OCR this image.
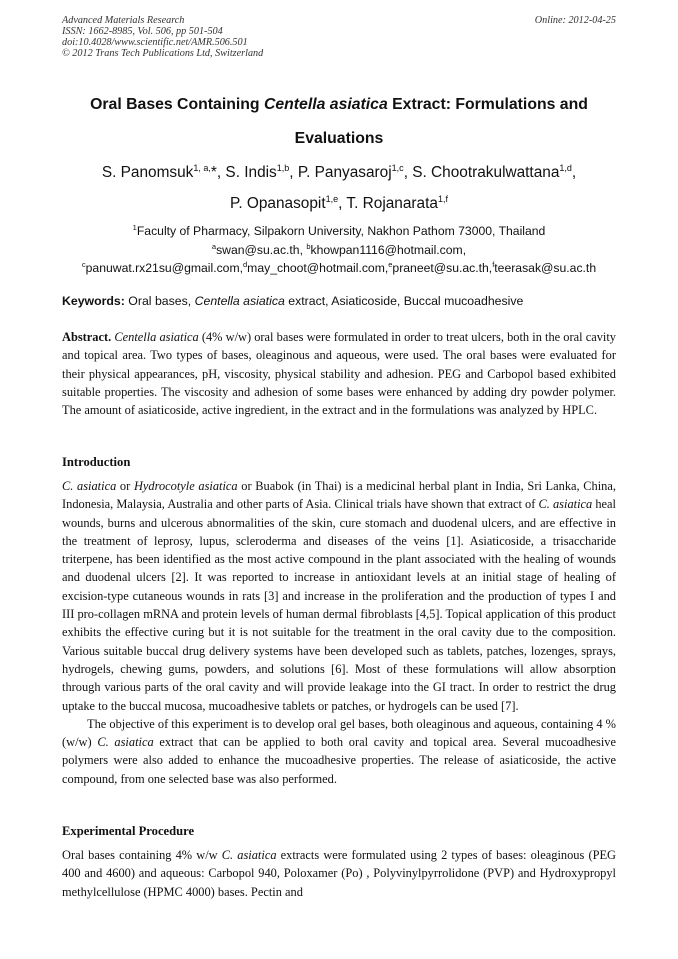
Advanced Materials Research
ISSN: 1662-8985, Vol. 506, pp 501-504
doi:10.4028/www.scientific.net/AMR.506.501
© 2012 Trans Tech Publications Ltd, Switzerland
Online: 2012-04-25
Oral Bases Containing Centella asiatica Extract: Formulations and
Evaluations
S. Panomsuk$^{1, a,}$*, S. Indis$^{1,b}$, P. Panyasaroj$^{1,c}$, S. Chootrakulwattana$^{1,d}$,
P. Opanasopit$^{1,e}$, T. Rojanarata$^{1,f}$
$^1$Faculty of Pharmacy, Silpakorn University, Nakhon Pathom 73000, Thailand
$^a$swan@su.ac.th, $^b$khowpan1116@hotmail.com,
$^c$panuwat.rx21su@gmail.com,$^d$may_choot@hotmail.com,$^e$praneet@su.ac.th,$^f$teerasak@su.ac.th
Keywords: Oral bases, Centella asiatica extract, Asiaticoside, Buccal mucoadhesive

Abstract. Centella asiatica (4% w/w) oral bases were formulated in order to treat ulcers, both in the oral cavity and topical area. Two types of bases, oleaginous and aqueous, were used. The oral bases were evaluated for their physical appearances, pH, viscosity, physical stability and adhesion. PEG and Carbopol based exhibited suitable properties. The viscosity and adhesion of some bases were enhanced by adding dry powder polymer. The amount of asiaticoside, active ingredient, in the extract and in the formulations was analyzed by HPLC.

Introduction

C. asiatica or Hydrocotyle asiatica or Buabok (in Thai) is a medicinal herbal plant in India, Sri Lanka, China, Indonesia, Malaysia, Australia and other parts of Asia. Clinical trials have shown that extract of C. asiatica heal wounds, burns and ulcerous abnormalities of the skin, cure stomach and duodenal ulcers, and are effective in the treatment of leprosy, lupus, scleroderma and diseases of the veins [1]. Asiaticoside, a trisaccharide triterpene, has been identified as the most active compound in the plant associated with the healing of wounds and duodenal ulcers [2]. It was reported to increase in antioxidant levels at an initial stage of healing of excision-type cutaneous wounds in rats [3] and increase in the proliferation and the production of types I and III pro-collagen mRNA and protein levels of human dermal fibroblasts [4,5]. Topical application of this product exhibits the effective curing but it is not suitable for the treatment in the oral cavity due to the composition. Various suitable buccal drug delivery systems have been developed such as tablets, patches, lozenges, sprays, hydrogels, chewing gums, powders, and solutions [6]. Most of these formulations will allow absorption through various parts of the oral cavity and will provide leakage into the GI tract. In order to restrict the drug uptake to the buccal mucosa, mucoadhesive tablets or patches, or hydrogels can be used [7].

The objective of this experiment is to develop oral gel bases, both oleaginous and aqueous, containing 4 % (w/w) C. asiatica extract that can be applied to both oral cavity and topical area. Several mucoadhesive polymers were also added to enhance the mucoadhesive properties. The release of asiaticoside, the active compound, from one selected base was also performed.

Experimental Procedure

Oral bases containing 4% w/w C. asiatica extracts were formulated using 2 types of bases: oleaginous (PEG 400 and 4600) and aqueous: Carbopol 940, Poloxamer (Po) , Polyvinylpyrrolidone (PVP) and Hydroxypropyl methylcellulose (HPMC 4000) bases. Pectin and
